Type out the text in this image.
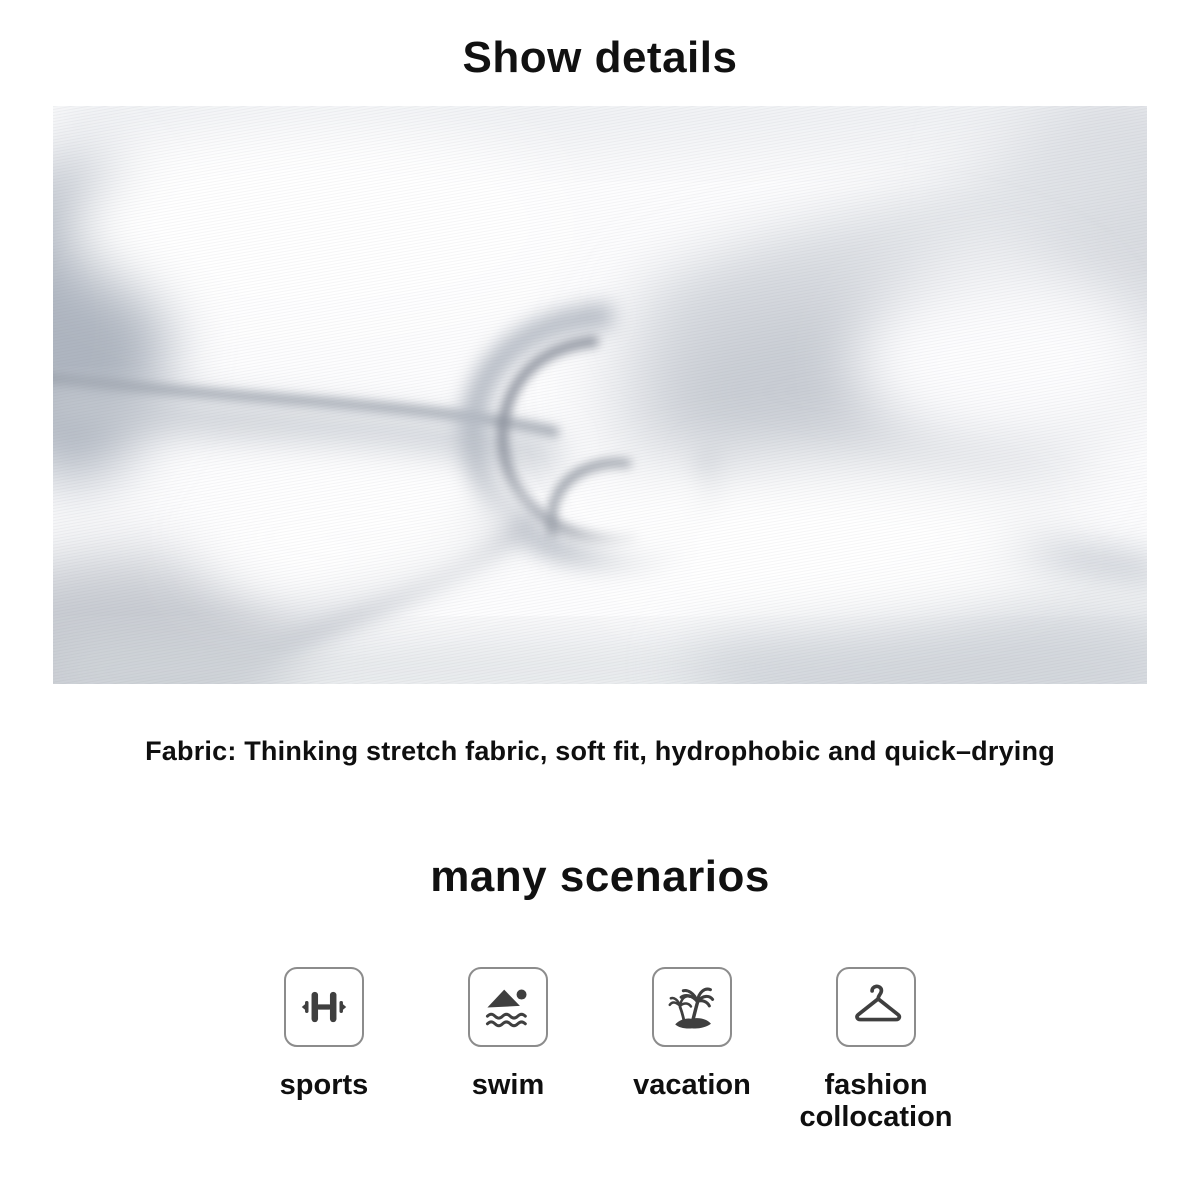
Show details

Fabric: Thinking stretch fabric, soft fit, hydrophobic and quick–drying

many scenarios
sports	swim	vacation	fashion collocation
